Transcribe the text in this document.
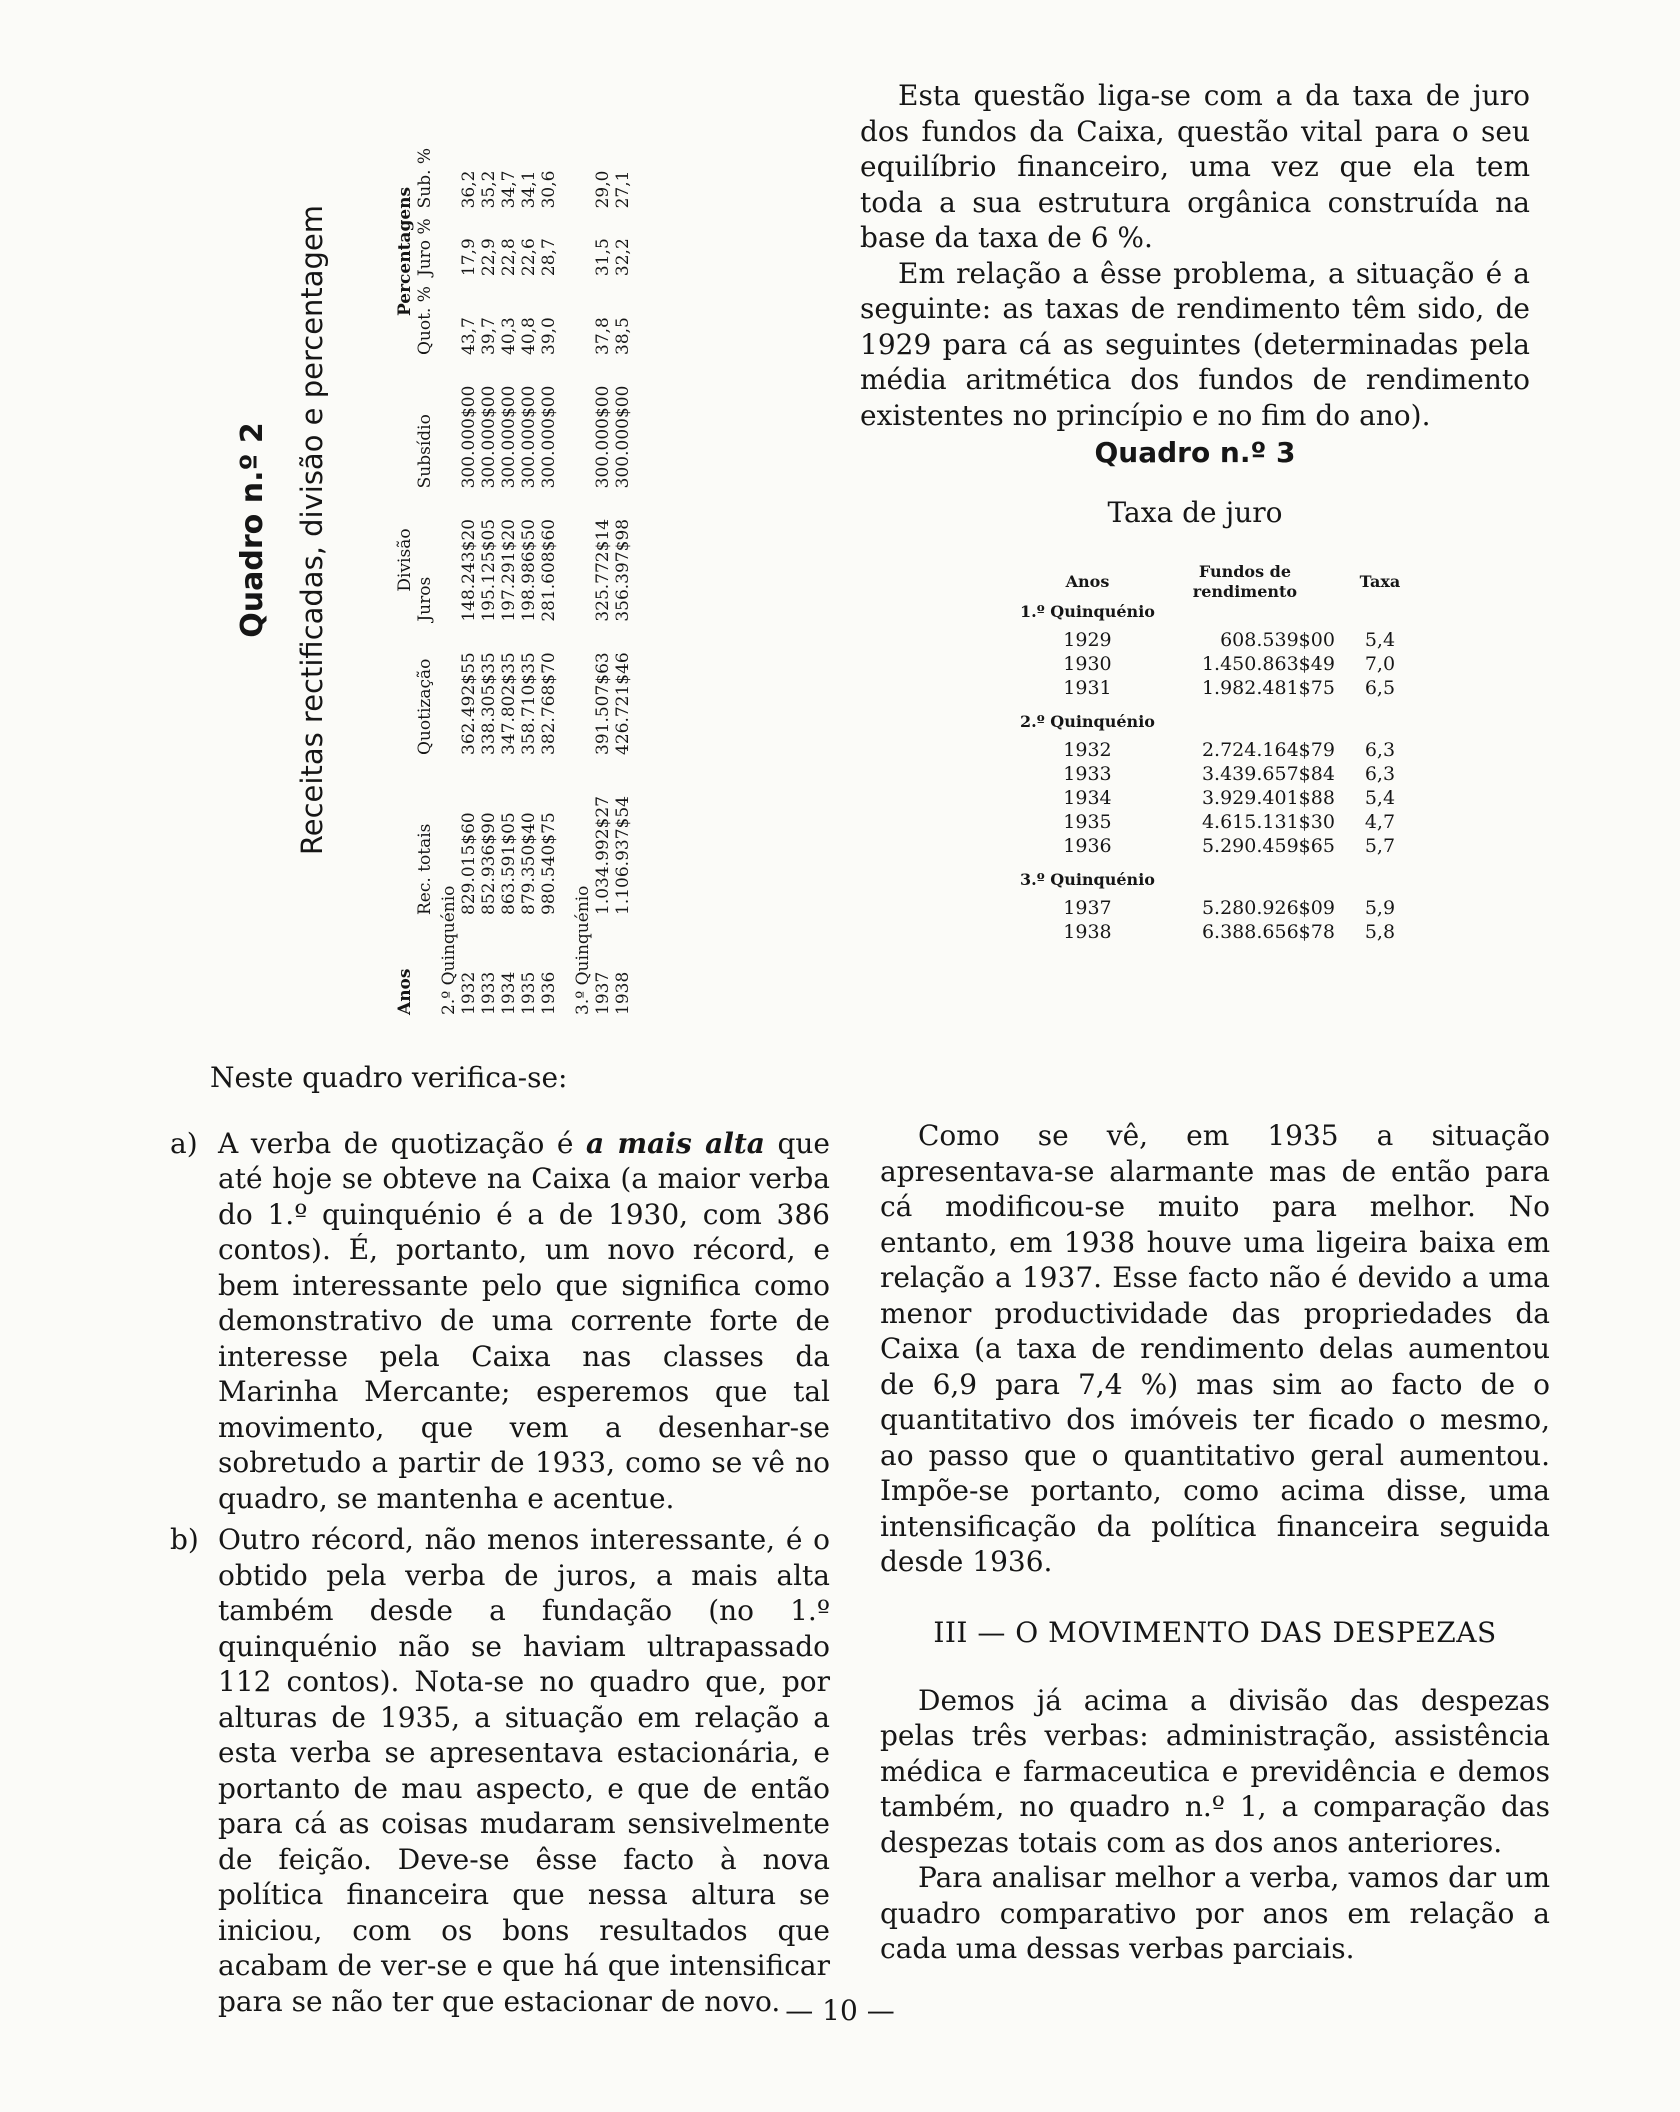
Quadro n.º 2 Receitas rectificadas, divisão e percentagem
Anos		Divisão			Percentagens		
	Rec. totais	Quotização	Juros	Subsídio	Quot. %	Juro %	Sub. %
2.º Quinquénio							
1932	829.015$60	362.492$55	148.243$20	300.000$00	43,7	17,9	36,2
1933	852.936$90	338.305$35	195.125$05	300.000$00	39,7	22,9	35,2
1934	863.591$05	347.802$35	197.291$20	300.000$00	40,3	22,8	34,7
1935	879.350$40	358.710$35	198.986$50	300.000$00	40,8	22,6	34,1
1936	980.540$75	382.768$70	281.608$60	300.000$00	39,0	28,7	30,6
3.º Quinquénio							
1937	1.034.992$27	391.507$63	325.772$14	300.000$00	37,8	31,5	29,0
1938	1.106.937$54	426.721$46	356.397$98	300.000$00	38,5	32,2	27,1

Esta questão liga-se com a da taxa de juro dos fundos da Caixa, questão vital para o seu equilíbrio financeiro, uma vez que ela tem toda a sua estrutura orgânica construída na base da taxa de 6 %.

Em relação a êsse problema, a situação é a seguinte: as taxas de rendimento têm sido, de 1929 para cá as seguintes (determinadas pela média aritmética dos fundos de rendimento existentes no princípio e no fim do ano).

Quadro n.º 3
Taxa de juro
Anos	Fundos de rendimento	Taxa

1.º Quinquénio		
1929	608.539$00	5,4
1930	1.450.863$49	7,0
1931	1.982.481$75	6,5
2.º Quinquénio		
1932	2.724.164$79	6,3
1933	3.439.657$84	6,3
1934	3.929.401$88	5,4
1935	4.615.131$30	4,7
1936	5.290.459$65	5,7
3.º Quinquénio		
1937	5.280.926$09	5,9
1938	6.388.656$78	5,8

Neste quadro verifica-se:

a) A verba de quotização é a mais alta que até hoje se obteve na Caixa (a maior verba do 1.º quinquénio é a de 1930, com 386 contos). É, portanto, um novo récord, e bem interessante pelo que significa como demonstrativo de uma corrente forte de interesse pela Caixa nas classes da Marinha Mercante; esperemos que tal movimento, que vem a desenhar-se sobretudo a partir de 1933, como se vê no quadro, se mantenha e acentue.

b) Outro récord, não menos interessante, é o obtido pela verba de juros, a mais alta também desde a fundação (no 1.º quinquénio não se haviam ultrapassado 112 contos). Nota-se no quadro que, por alturas de 1935, a situação em relação a esta verba se apresentava estacionária, e portanto de mau aspecto, e que de então para cá as coisas mudaram sensivelmente de feição. Deve-se êsse facto à nova política financeira que nessa altura se iniciou, com os bons resultados que acabam de ver-se e que há que intensificar para se não ter que estacionar de novo.

Como se vê, em 1935 a situação apresentava-se alarmante mas de então para cá modificou-se muito para melhor. No entanto, em 1938 houve uma ligeira baixa em relação a 1937. Esse facto não é devido a uma menor productividade das propriedades da Caixa (a taxa de rendimento delas aumentou de 6,9 para 7,4 %) mas sim ao facto de o quantitativo dos imóveis ter ficado o mesmo, ao passo que o quantitativo geral aumentou. Impõe-se portanto, como acima disse, uma intensificação da política financeira seguida desde 1936.

III — O MOVIMENTO DAS DESPEZAS

Demos já acima a divisão das despezas pelas três verbas: administração, assistência médica e farmaceutica e previdência e demos também, no quadro n.º 1, a comparação das despezas totais com as dos anos anteriores.

Para analisar melhor a verba, vamos dar um quadro comparativo por anos em relação a cada uma dessas verbas parciais.

— 10 —
